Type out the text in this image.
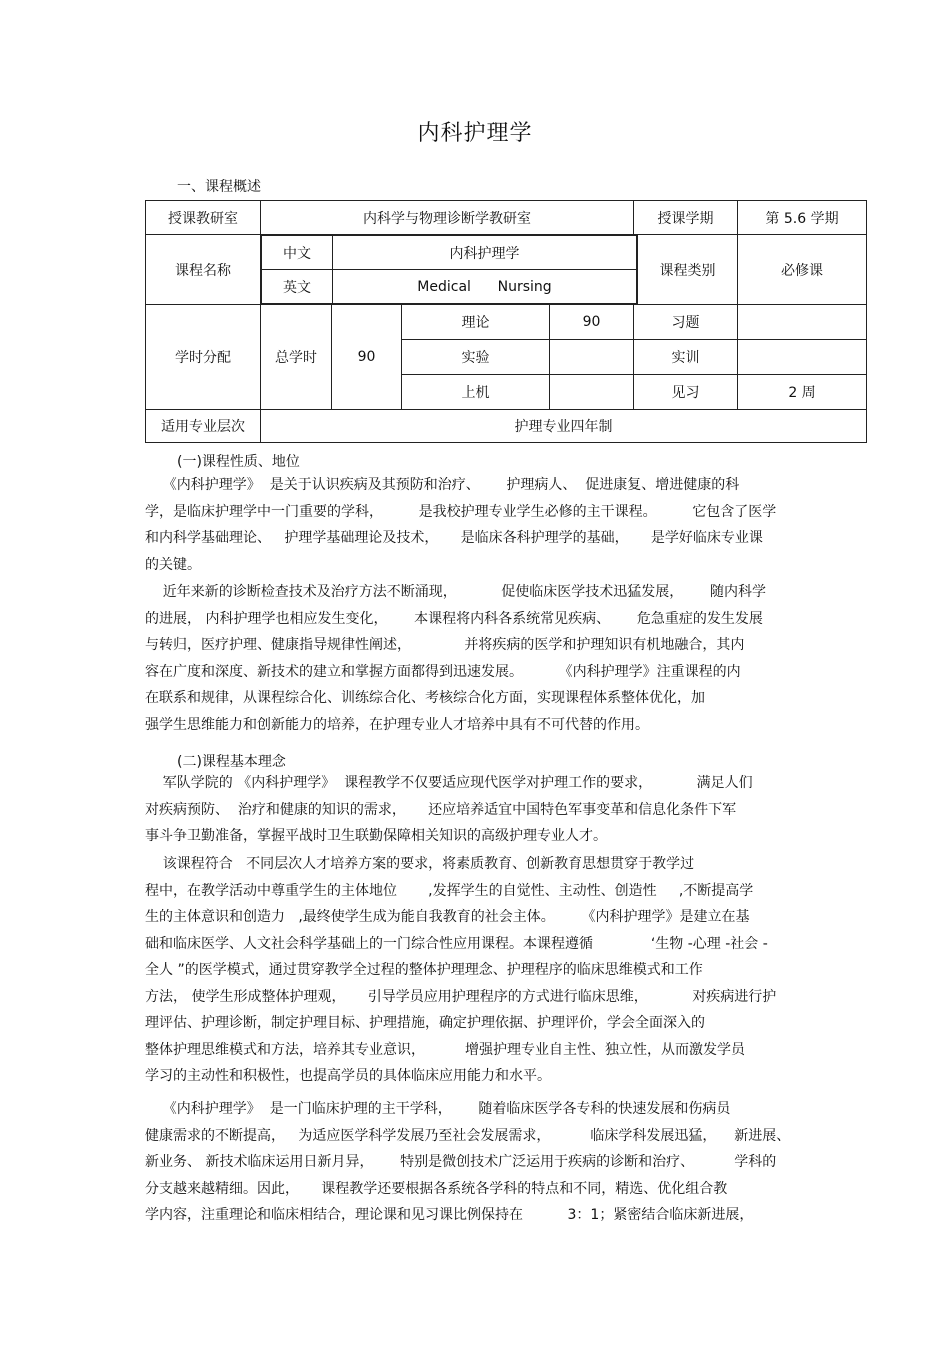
内科护理学
一、课程概述
授课教研室	内科学与物理诊断学教研室	授课学期	第 5.6 学期
课程名称	
中文	内科护理学
英文	Medical      Nursing
	课程类别	必修课
学时分配	总学时	90	理论	90	习题	
实验		实训	
上机		见习	2 周
适用专业层次	护理专业四年制
(一)课程性质、地位
《内科护理学》  是关于认识疾病及其预防和治疗、      护理病人、  促进康复、增进健康的科
学，是临床护理学中一门重要的学科，        是我校护理专业学生必修的主干课程。        它包含了医学
和内科学基础理论、   护理学基础理论及技术，     是临床各科护理学的基础，     是学好临床专业课
的关键。
近年来新的诊断检查技术及治疗方法不断涌现，          促使临床医学技术迅猛发展，      随内科学
的进展， 内科护理学也相应发生变化，      本课程将内科各系统常见疾病、      危急重症的发生发展
与转归，医疗护理、健康指导规律性阐述，            并将疾病的医学和护理知识有机地融合，其内
容在广度和深度、新技术的建立和掌握方面都得到迅速发展。        《内科护理学》注重课程的内
在联系和规律，从课程综合化、训练综合化、考核综合化方面，实现课程体系整体优化，加
强学生思维能力和创新能力的培养，在护理专业人才培养中具有不可代替的作用。
(二)课程基本理念
军队学院的 《内科护理学》  课程教学不仅要适应现代医学对护理工作的要求，          满足人们
对疾病预防、  治疗和健康的知识的需求，     还应培养适宜中国特色军事变革和信息化条件下军
事斗争卫勤准备，掌握平战时卫生联勤保障相关知识的高级护理专业人才。
该课程符合   不同层次人才培养方案的要求，将素质教育、创新教育思想贯穿于教学过
程中，在教学活动中尊重学生的主体地位       ,发挥学生的自觉性、主动性、创造性     ,不断提高学
生的主体意识和创造力   ,最终使学生成为能自我教育的社会主体。      《内科护理学》是建立在基
础和临床医学、人文社会科学基础上的一门综合性应用课程。本课程遵循             ‘生物 -心理 -社会 -
全人 ”的医学模式，通过贯穿教学全过程的整体护理理念、护理程序的临床思维模式和工作
方法， 使学生形成整体护理观，     引导学员应用护理程序的方式进行临床思维，          对疾病进行护
理评估、护理诊断，制定护理目标、护理措施，确定护理依据、护理评价，学会全面深入的
整体护理思维模式和方法，培养其专业意识，         增强护理专业自主性、独立性，从而激发学员
学习的主动性和积极性，也提高学员的具体临床应用能力和水平。
《内科护理学》  是一门临床护理的主干学科，      随着临床医学各专科的快速发展和伤病员
健康需求的不断提高，   为适应医学科学发展乃至社会发展需求，         临床学科发展迅猛，    新进展、
新业务、 新技术临床运用日新月异，      特别是微创技术广泛运用于疾病的诊断和治疗、         学科的
分支越来越精细。因此，     课程教学还要根据各系统各学科的特点和不同，精选、优化组合教
学内容，注重理论和临床相结合，理论课和见习课比例保持在          3：1；紧密结合临床新进展，
